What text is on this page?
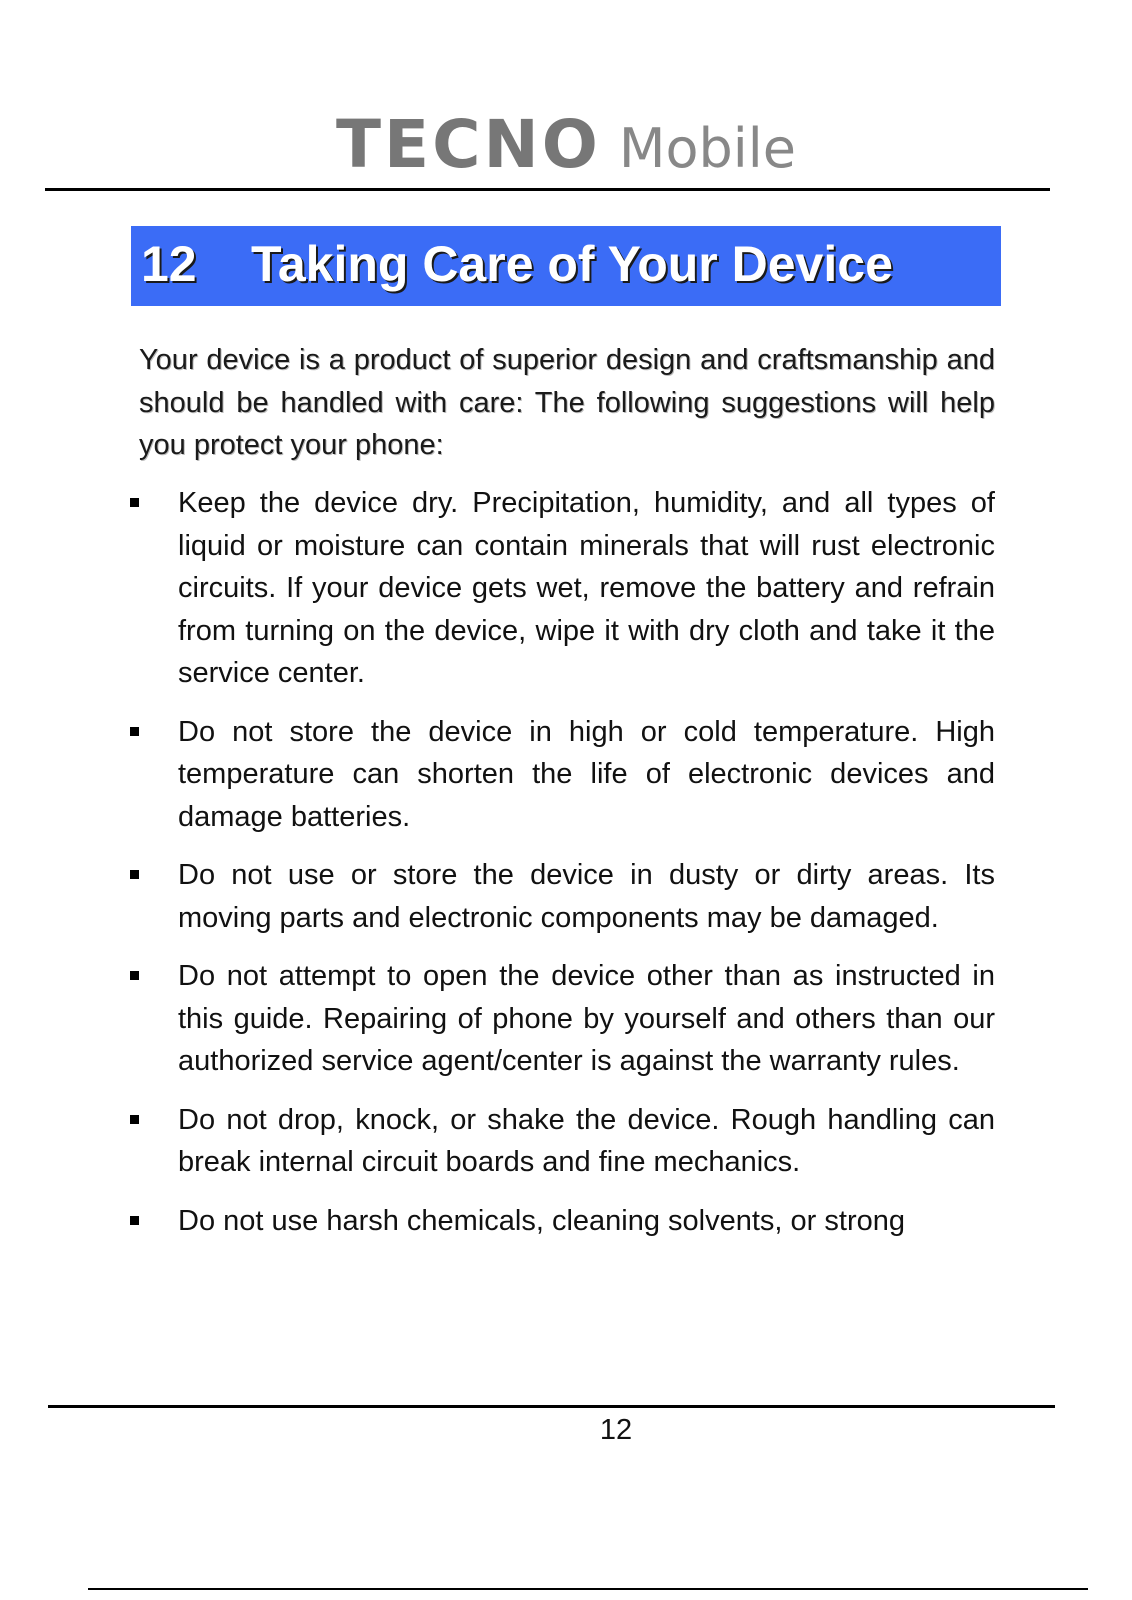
TECNO Mobile
12 Taking Care of Your Device
Your device is a product of superior design and craftsmanship and should be handled with care: The following suggestions will help you protect your phone:
Keep the device dry. Precipitation, humidity, and all types of liquid or moisture can contain minerals that will rust electronic circuits. If your device gets wet, remove the battery and refrain from turning on the device, wipe it with dry cloth and take it the service center.
Do not store the device in high or cold temperature. High temperature can shorten the life of electronic devices and damage batteries.
Do not use or store the device in dusty or dirty areas. Its moving parts and electronic components may be damaged.
Do not attempt to open the device other than as instructed in this guide. Repairing of phone by yourself and others than our authorized service agent/center is against the warranty rules.
Do not drop, knock, or shake the device. Rough handling can break internal circuit boards and fine mechanics.
Do not use harsh chemicals, cleaning solvents, or strong
12
